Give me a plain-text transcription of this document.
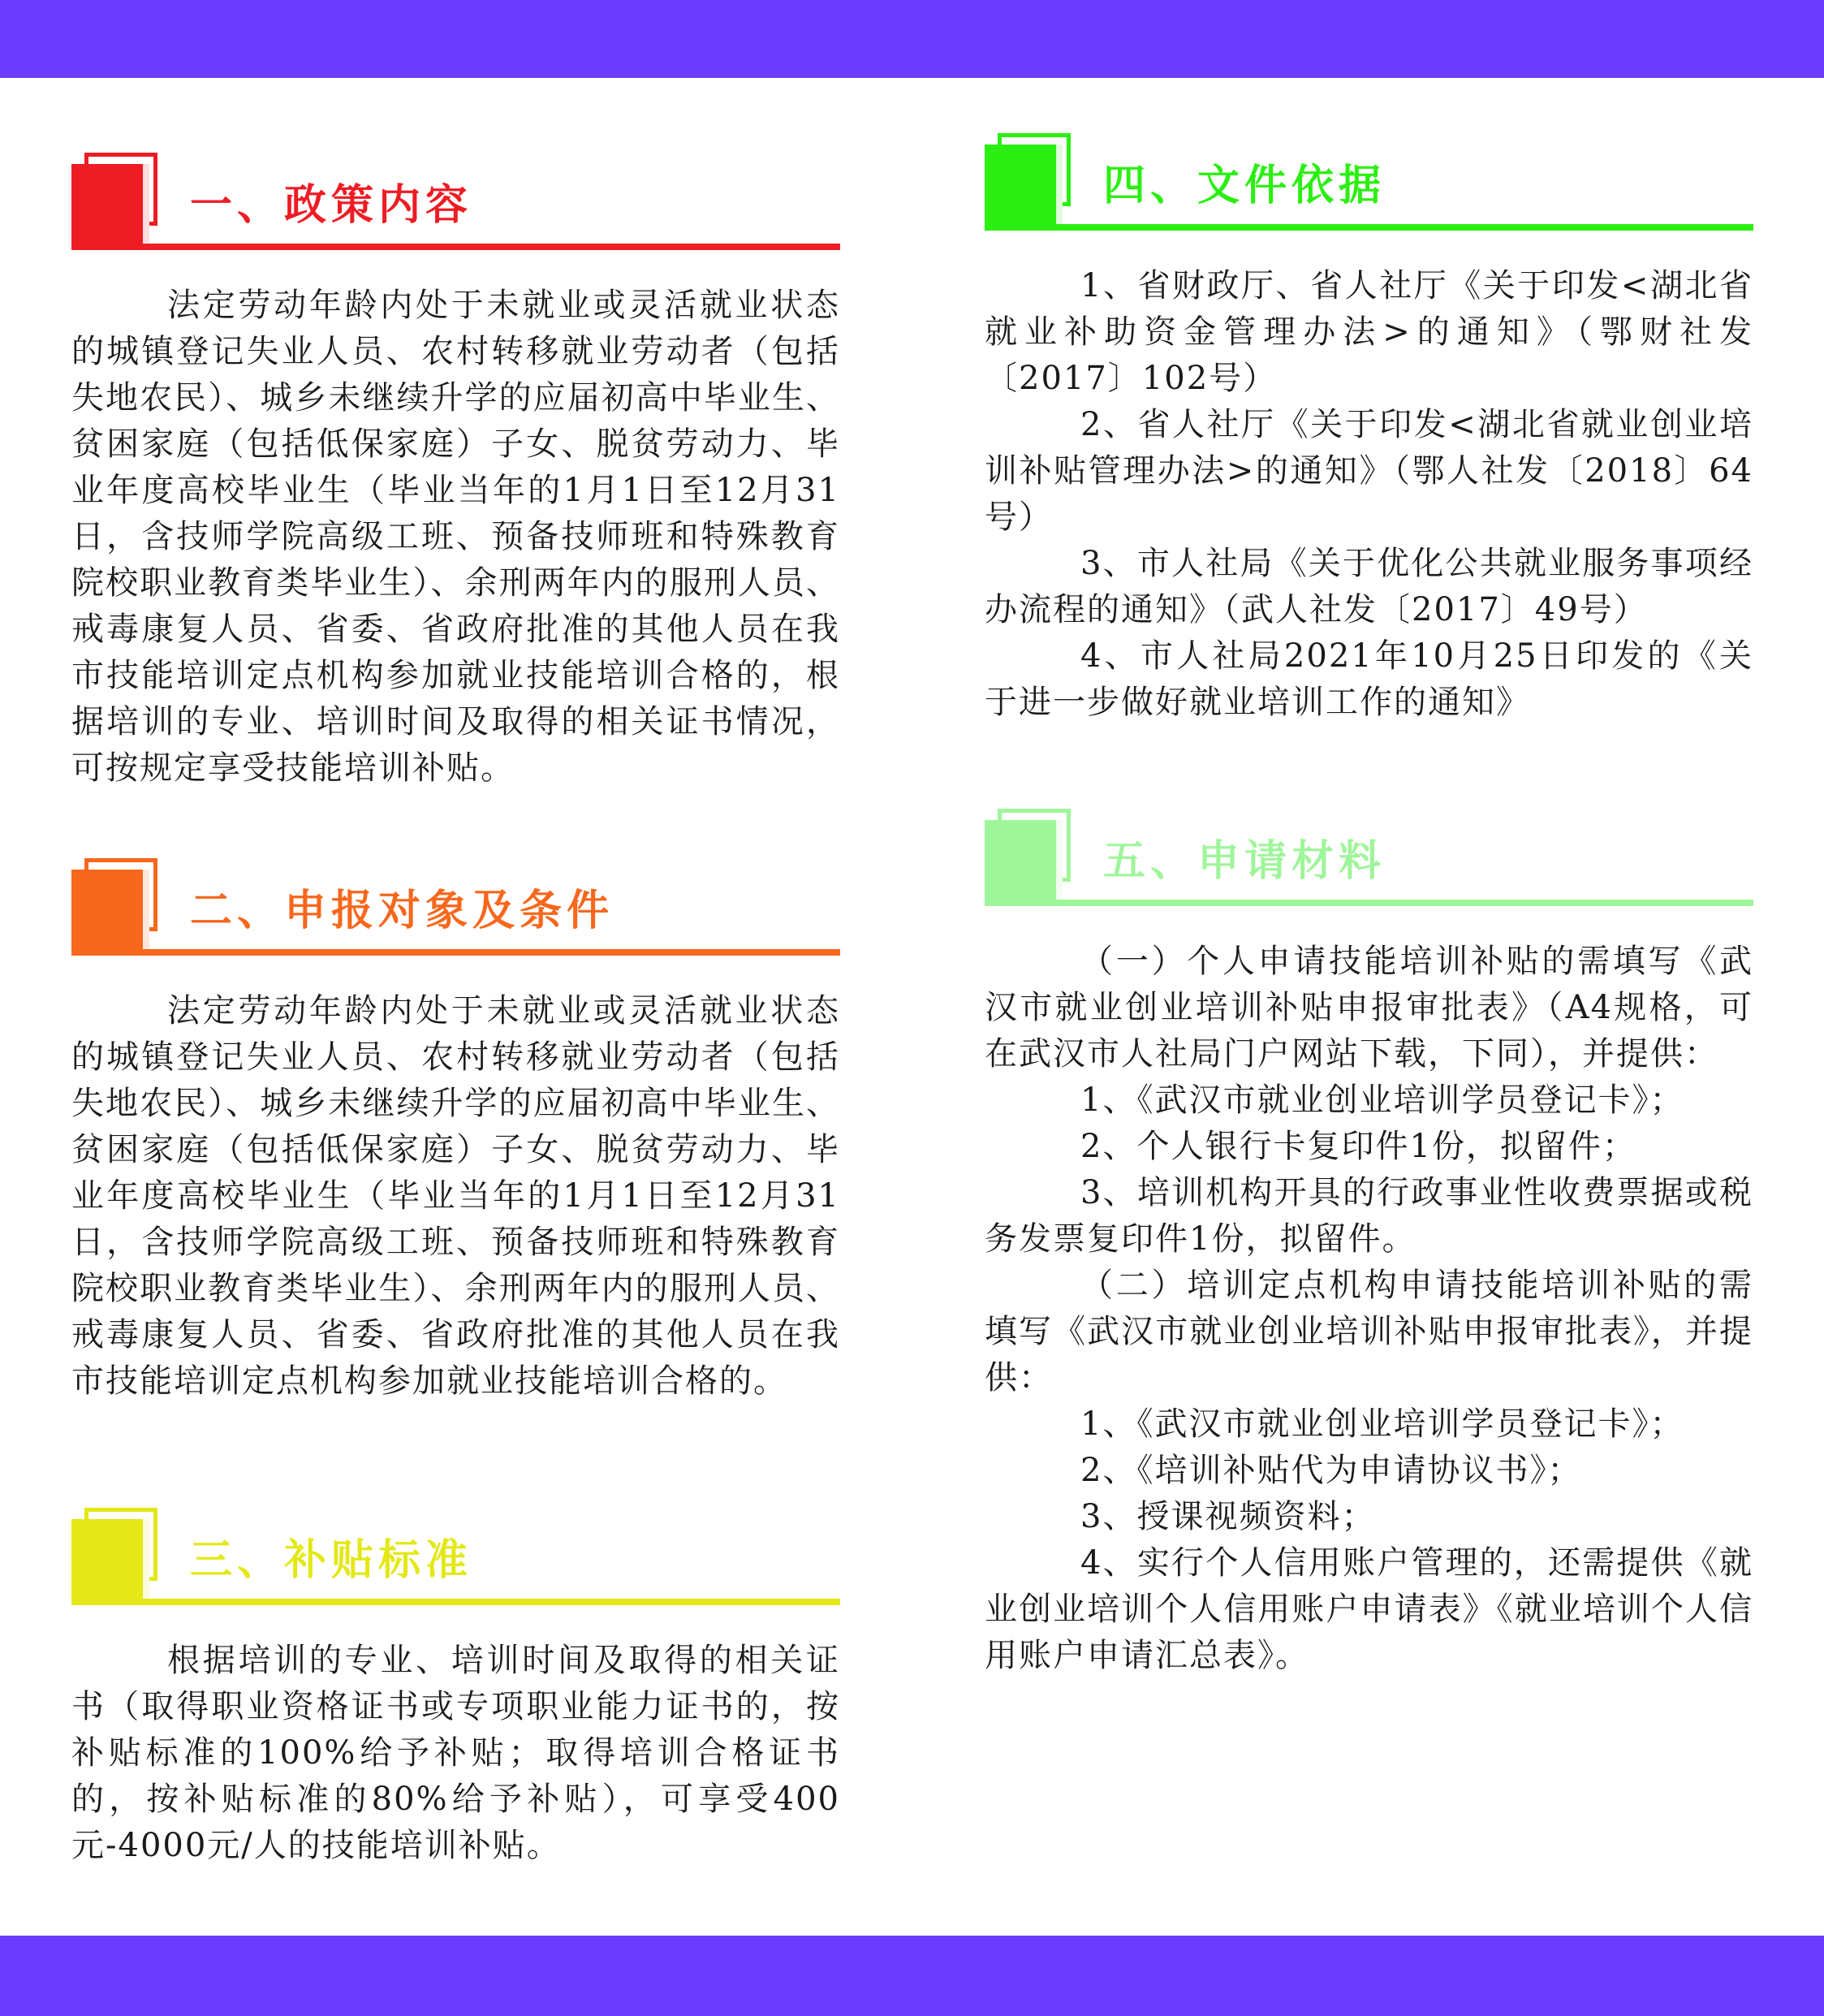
一、政策内容

法定劳动年龄内处于未就业或灵活就业状态的城镇登记失业人员、农村转移就业劳动者（包括失地农民）、城乡未继续升学的应届初高中毕业生、贫困家庭（包括低保家庭）子女、脱贫劳动力、毕业年度高校毕业生（毕业当年的1月1日至12月31日，含技师学院高级工班、预备技师班和特殊教育院校职业教育类毕业生）、余刑两年内的服刑人员、戒毒康复人员、省委、省政府批准的其他人员在我市技能培训定点机构参加就业技能培训合格的，根据培训的专业、培训时间及取得的相关证书情况，可按规定享受技能培训补贴。

二、申报对象及条件

法定劳动年龄内处于未就业或灵活就业状态的城镇登记失业人员、农村转移就业劳动者（包括失地农民）、城乡未继续升学的应届初高中毕业生、贫困家庭（包括低保家庭）子女、脱贫劳动力、毕业年度高校毕业生（毕业当年的1月1日至12月31日，含技师学院高级工班、预备技师班和特殊教育院校职业教育类毕业生）、余刑两年内的服刑人员、戒毒康复人员、省委、省政府批准的其他人员在我市技能培训定点机构参加就业技能培训合格的。

三、补贴标准

根据培训的专业、培训时间及取得的相关证书（取得职业资格证书或专项职业能力证书的，按补贴标准的100%给予补贴；取得培训合格证书的，按补贴标准的80%给予补贴），可享受400元-4000元/人的技能培训补贴。

四、文件依据

1、省财政厅、省人社厅《关于印发<湖北省就业补助资金管理办法>的通知》（鄂财社发〔2017〕102号）

2、省人社厅《关于印发<湖北省就业创业培训补贴管理办法>的通知》（鄂人社发〔2018〕64号）

3、市人社局《关于优化公共就业服务事项经办流程的通知》（武人社发〔2017〕49号）

4、市人社局2021年10月25日印发的《关于进一步做好就业培训工作的通知》

五、申请材料

（一）个人申请技能培训补贴的需填写《武汉市就业创业培训补贴申报审批表》（A4规格，可在武汉市人社局门户网站下载，下同），并提供：

1、《武汉市就业创业培训学员登记卡》；

2、个人银行卡复印件1份，拟留件；

3、培训机构开具的行政事业性收费票据或税务发票复印件1份，拟留件。

（二）培训定点机构申请技能培训补贴的需填写《武汉市就业创业培训补贴申报审批表》，并提供：

1、《武汉市就业创业培训学员登记卡》；

2、《培训补贴代为申请协议书》；

3、授课视频资料；

4、实行个人信用账户管理的，还需提供《就业创业培训个人信用账户申请表》《就业培训个人信用账户申请汇总表》。
